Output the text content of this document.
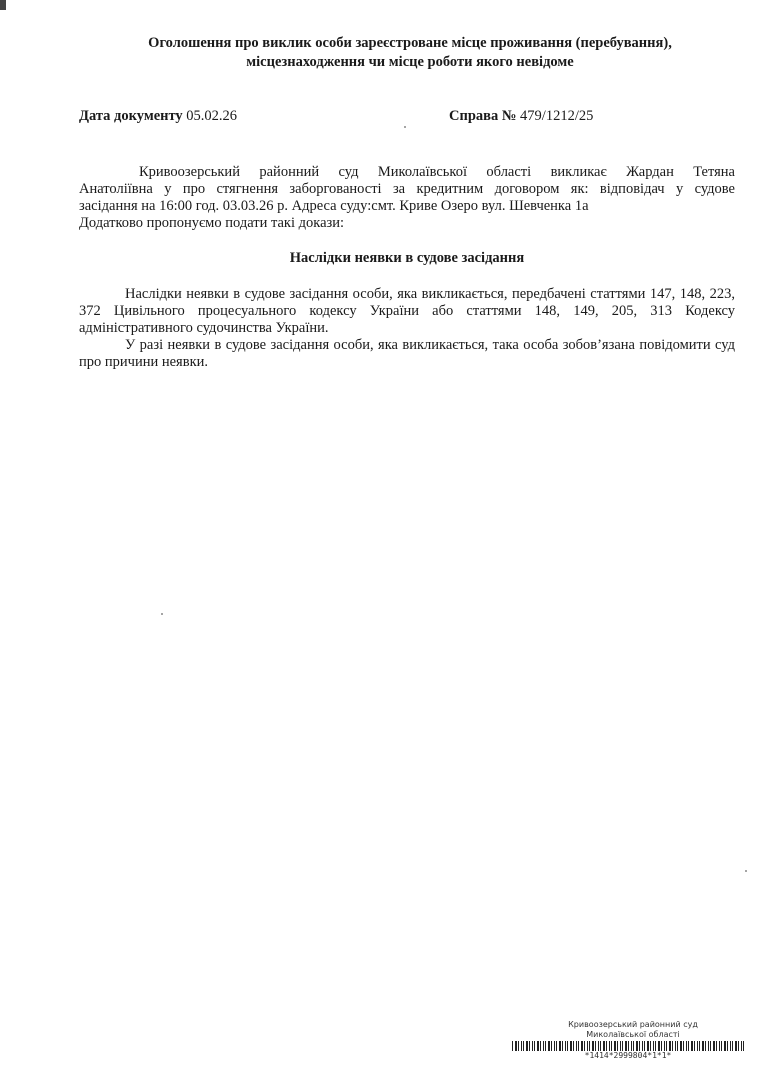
Оголошення про виклик особи зареєстроване місце проживання (перебування),
місцезнаходження чи місце роботи якого невідоме
Дата документу 05.02.26	Справа № 479/1212/25

Кривоозерський районний суд Миколаївської області викликає Жардан Тетяна

Анатоліївна у про стягнення заборгованості за кредитним договором як: відповідач у судове

засідання на 16:00 год. 03.03.26 р. Адреса суду:смт. Криве Озеро вул. Шевченка 1а

Додатково пропонуємо подати такі докази:

Наслідки неявки в судове засідання

Наслідки неявки в судове засідання особи, яка викликається, передбачені статтями 147, 148, 223, 372 Цивільного процесуального кодексу України або статтями 148, 149, 205, 313 Кодексу адміністративного судочинства України.

У разі неявки в судове засідання особи, яка викликається, така особа зобов’язана повідомити суд про причини неявки.

Кривоозерський районний суд
Миколаївської області
*1414*2999804*1*1*
